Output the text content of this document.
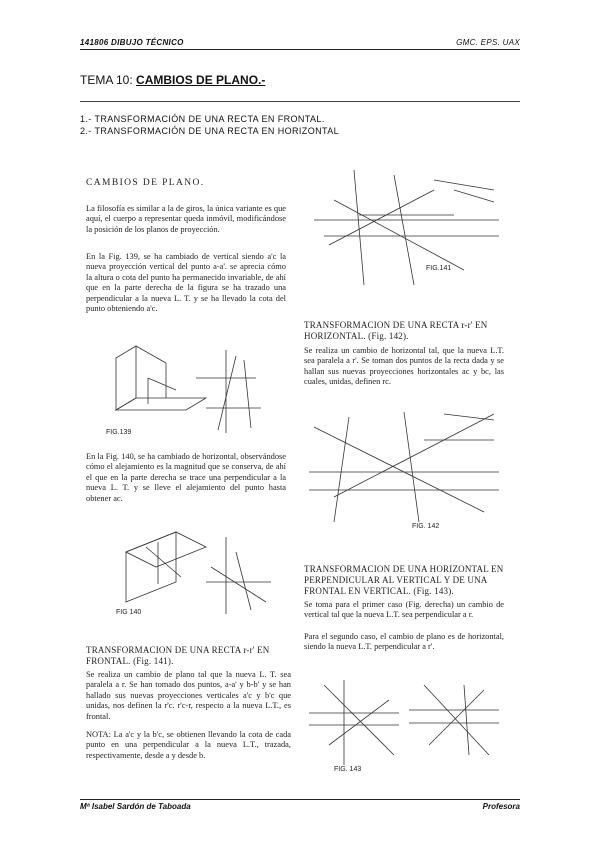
141806 DIBUJO TÉCNICO	GMC. EPS. UAX
TEMA 10: CAMBIOS DE PLANO.-
1.- TRANSFORMACIÓN DE UNA RECTA EN FRONTAL.
2.- TRANSFORMACIÓN DE UNA RECTA EN HORIZONTAL
CAMBIOS DE PLANO.
La filosofía es similar a la de giros, la única variante es que aquí, el cuerpo a representar queda inmóvil, modificándose la posición de los planos de proyección.
En la Fig. 139, se ha cambiado de vertical siendo a'c la nueva proyección vertical del punto a-a'. se aprecia cómo la altura o cota del punto ha permanecido invariable, de ahí que en la parte derecha de la figura se ha trazado una perpendicular a la nueva L. T. y se ha llevado la cota del punto obteniendo a'c.
FIG.139
En la Fig. 140, se ha cambiado de horizontal, observándose cómo el alejamiento es la magnitud que se conserva, de ahí el que en la parte derecha se trace una perpendicular a la nueva L. T. y se lleve el alejamiento del punto hasta obtener ac.
FIG 140
TRANSFORMACION DE UNA RECTA r-r' EN FRONTAL. (Fig. 141).
Se realiza un cambio de plano tal que la nueva L. T. sea paralela a r. Se han tomado dos puntos, a-a' y b-b' y se han hallado sus nuevas proyecciones verticales a'c y b'c que unidas, nos definen la r'c. r'c-r, respecto a la nueva L.T., es frontal.
NOTA: La a'c y la b'c, se obtienen llevando la cota de cada punto en una perpendicular a la nueva L.T., trazada, respectivamente, desde a y desde b.
FIG.141
TRANSFORMACION DE UNA RECTA r-r' EN HORIZONTAL. (Fig. 142).
Se realiza un cambio de horizontal tal, que la nueva L.T. sea paralela a r'. Se toman dos puntos de la recta dada y se hallan sus nuevas proyecciones horizontales ac y bc, las cuales, unidas, definen rc.
FIG. 142
TRANSFORMACION DE UNA HORIZONTAL EN PERPENDICULAR AL VERTICAL Y DE UNA FRONTAL EN VERTICAL. (Fig. 143).
Se toma para el primer caso (Fig. derecha) un cambio de vertical tal que la nueva L.T. sea perpendicular a r.
Para el segundo caso, el cambio de plano es de horizontal, siendo la nueva L.T. perpendicular a r'.
FIG. 143
Mª Isabel Sardón de Taboada	Profesora
